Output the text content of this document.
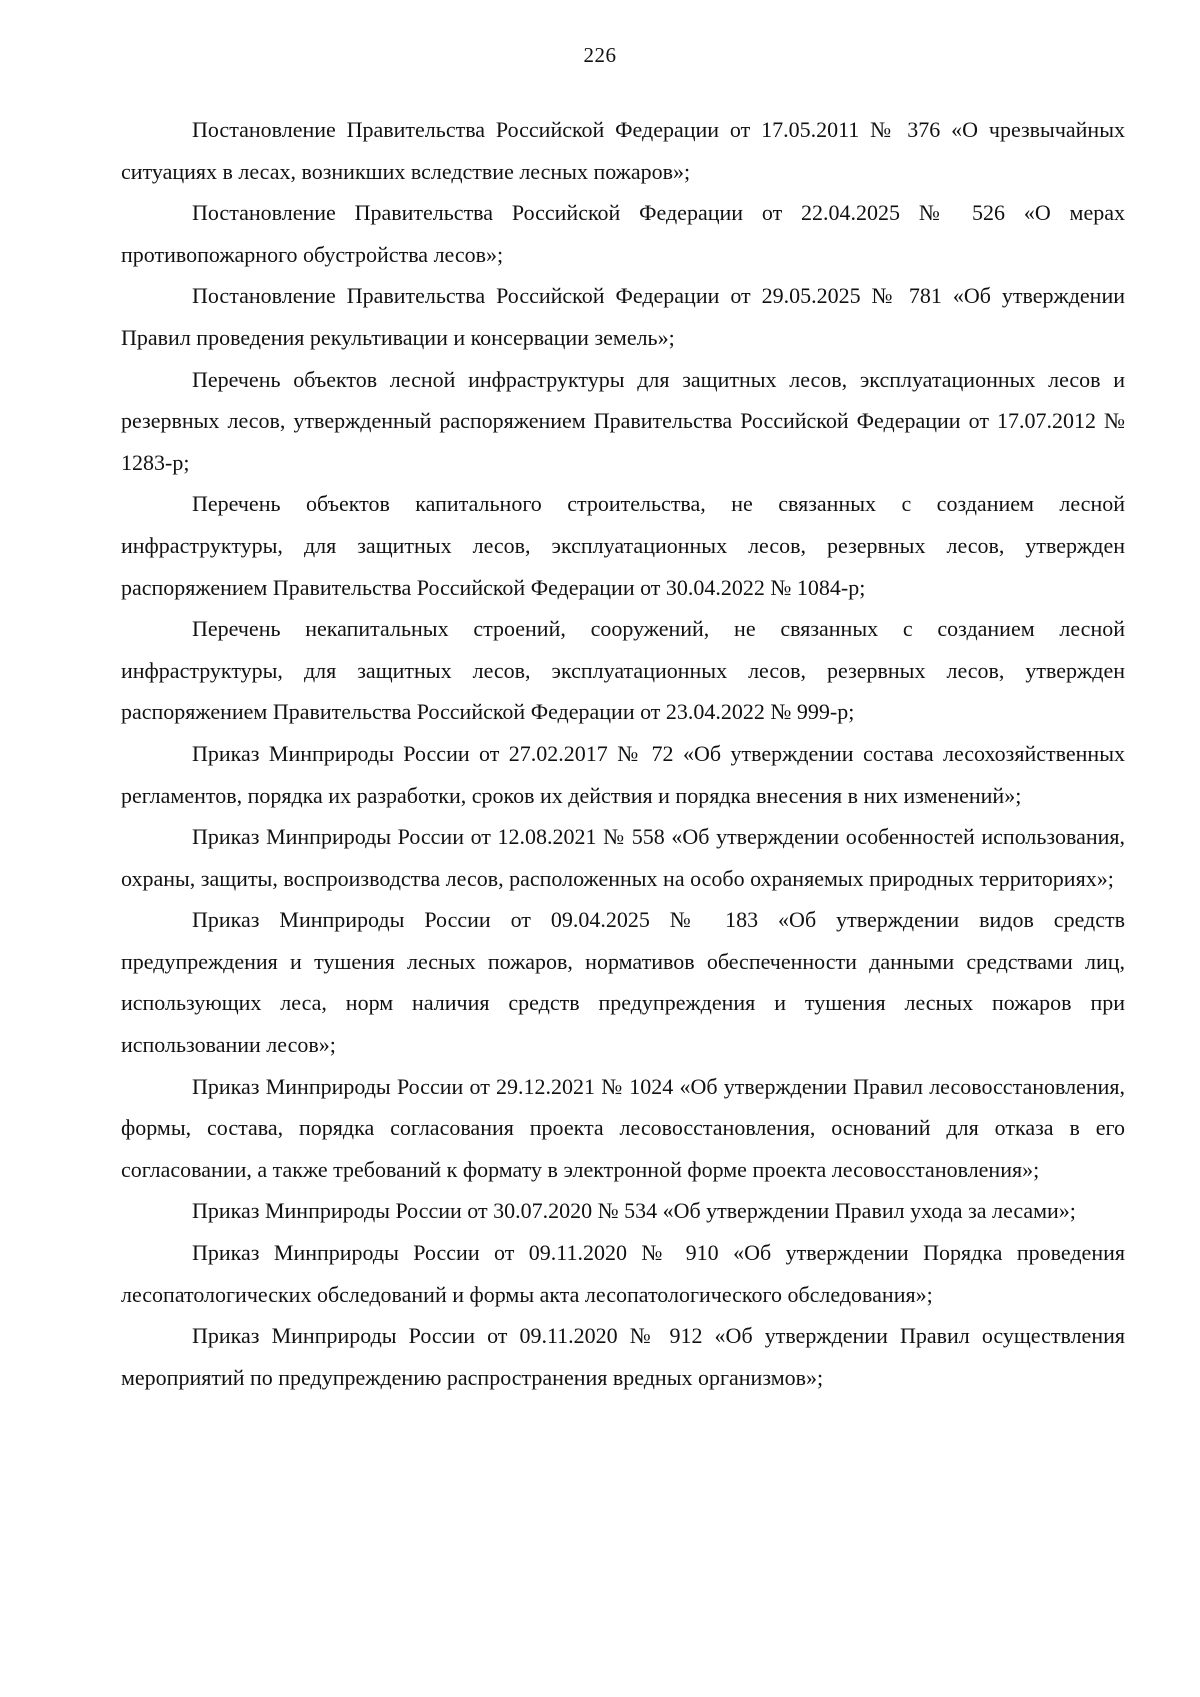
226

Постановление Правительства Российской Федерации от 17.05.2011 № 376 «О чрезвычайных ситуациях в лесах, возникших вследствие лесных пожаров»;

Постановление Правительства Российской Федерации от 22.04.2025 № 526 «О мерах противопожарного обустройства лесов»;

Постановление Правительства Российской Федерации от 29.05.2025 № 781 «Об утверждении Правил проведения рекультивации и консервации земель»;

Перечень объектов лесной инфраструктуры для защитных лесов, эксплуатационных лесов и резервных лесов, утвержденный распоряжением Правительства Российской Федерации от 17.07.2012 № 1283-р;

Перечень объектов капитального строительства, не связанных с созданием лесной инфраструктуры, для защитных лесов, эксплуатационных лесов, резервных лесов, утвержден распоряжением Правительства Российской Федерации от 30.04.2022 № 1084-р;

Перечень некапитальных строений, сооружений, не связанных с созданием лесной инфраструктуры, для защитных лесов, эксплуатационных лесов, резервных лесов, утвержден распоряжением Правительства Российской Федерации от 23.04.2022 № 999-р;

Приказ Минприроды России от 27.02.2017 № 72 «Об утверждении состава лесохозяйственных регламентов, порядка их разработки, сроков их действия и порядка внесения в них изменений»;

Приказ Минприроды России от 12.08.2021 № 558 «Об утверждении особенностей использования, охраны, защиты, воспроизводства лесов, расположенных на особо охраняемых природных территориях»;

Приказ Минприроды России от 09.04.2025 № 183 «Об утверждении видов средств предупреждения и тушения лесных пожаров, нормативов обеспеченности данными средствами лиц, использующих леса, норм наличия средств предупреждения и тушения лесных пожаров при использовании лесов»;

Приказ Минприроды России от 29.12.2021 № 1024 «Об утверждении Правил лесовосстановления, формы, состава, порядка согласования проекта лесовосстановления, оснований для отказа в его согласовании, а также требований к формату в электронной форме проекта лесовосстановления»;

Приказ Минприроды России от 30.07.2020 № 534 «Об утверждении Правил ухода за лесами»;

Приказ Минприроды России от 09.11.2020 № 910 «Об утверждении Порядка проведения лесопатологических обследований и формы акта лесопатологического обследования»;

Приказ Минприроды России от 09.11.2020 № 912 «Об утверждении Правил осуществления мероприятий по предупреждению распространения вредных организмов»;
